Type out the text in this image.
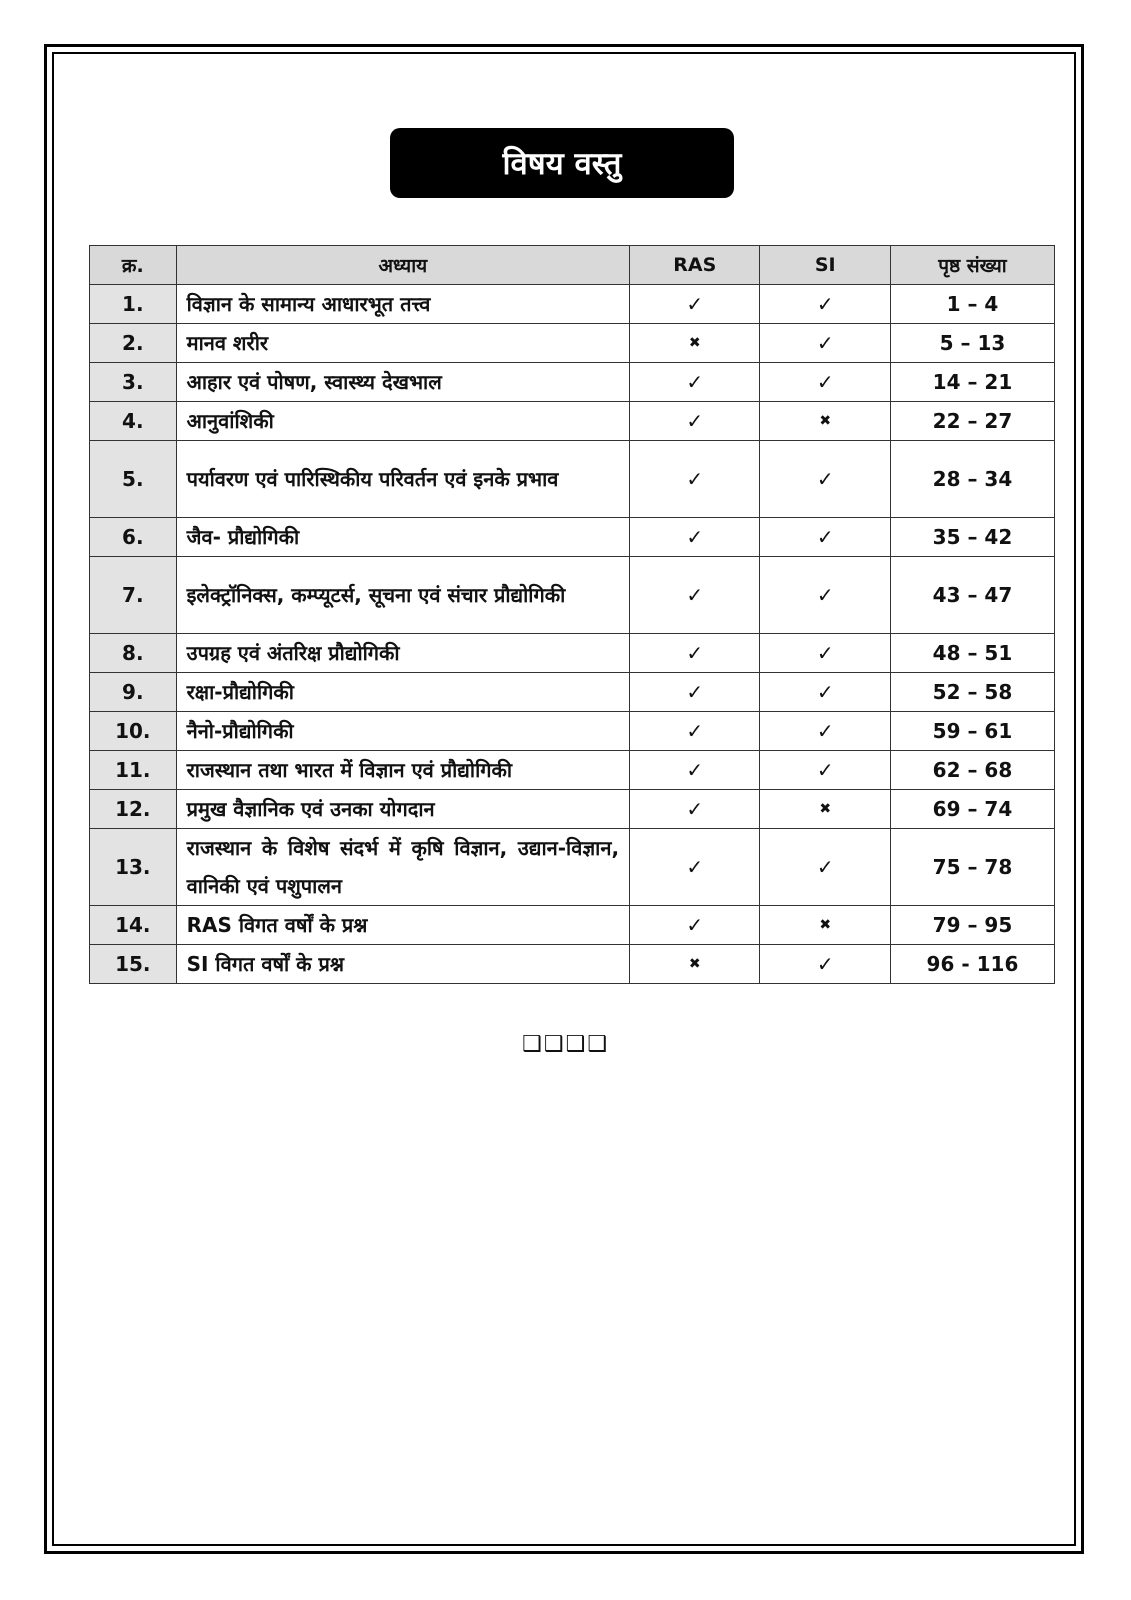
विषय वस्तु
क्र.	अध्याय	RAS	SI	पृष्ठ संख्या
1.	विज्ञान के सामान्य आधारभूत तत्त्व	✓	✓	1 – 4
2.	मानव शरीर	✖	✓	5 – 13
3.	आहार एवं पोषण, स्वास्थ्य देखभाल	✓	✓	14 – 21
4.	आनुवांशिकी	✓	✖	22 – 27
5.	पर्यावरण एवं पारिस्थिकीय परिवर्तन एवं इनके प्रभाव	✓	✓	28 – 34
6.	जैव- प्रौद्योगिकी	✓	✓	35 – 42
7.	इलेक्ट्रॉनिक्स, कम्प्यूटर्स, सूचना एवं संचार प्रौद्योगिकी	✓	✓	43 – 47
8.	उपग्रह एवं अंतरिक्ष प्रौद्योगिकी	✓	✓	48 – 51
9.	रक्षा-प्रौद्योगिकी	✓	✓	52 – 58
10.	नैनो-प्रौद्योगिकी	✓	✓	59 – 61
11.	राजस्थान तथा भारत में विज्ञान एवं प्रौद्योगिकी	✓	✓	62 – 68
12.	प्रमुख वैज्ञानिक एवं उनका योगदान	✓	✖	69 – 74
13.	राजस्थान के विशेष संदर्भ में कृषि विज्ञान, उद्यान-विज्ञान, वानिकी एवं पशुपालन	✓	✓	75 – 78
14.	RAS विगत वर्षों के प्रश्न	✓	✖	79 – 95
15.	SI विगत वर्षों के प्रश्न	✖	✓	96 - 116
❑❑❑❑
